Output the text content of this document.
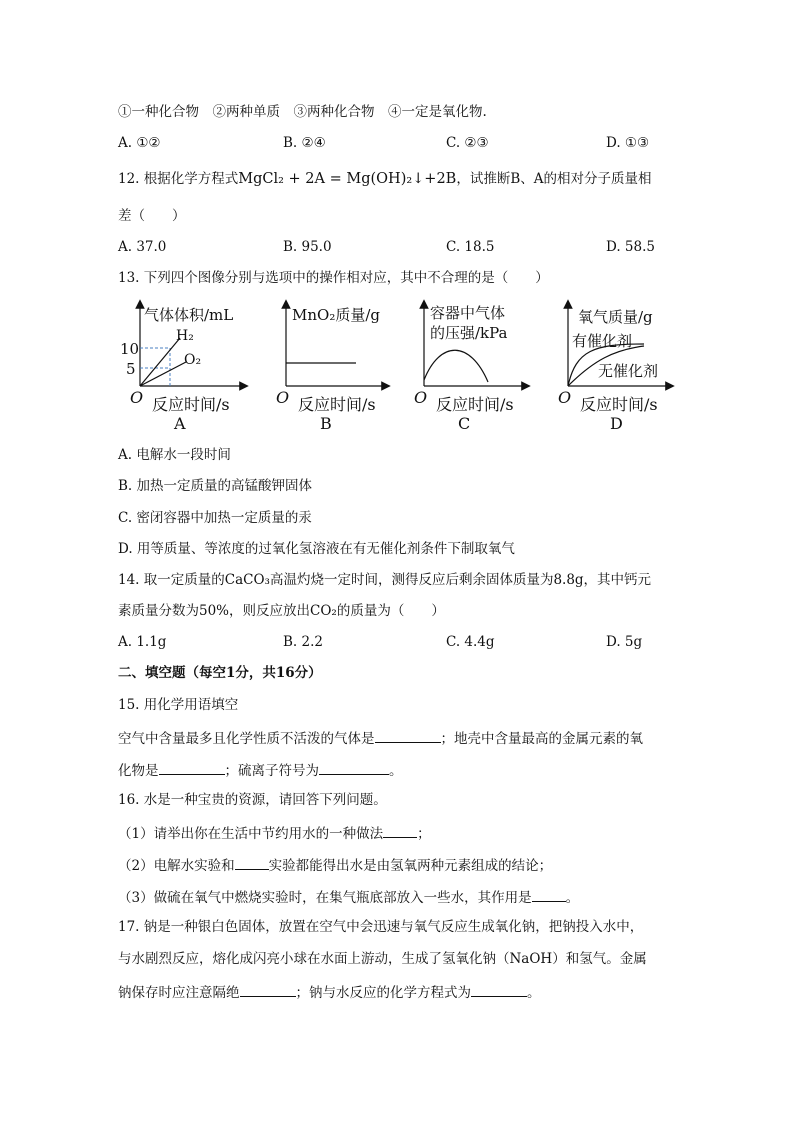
①一种化合物　②两种单质　③两种化合物　④一定是氧化物.
A. ①②	B. ②④	C. ②③	D. ①③
12. 根据化学方程式MgCl₂ + 2A = Mg(OH)₂↓+2B，试推断B、A的相对分子质量相
差（　　）
A. 37.0	B. 95.0	C. 18.5	D. 58.5
13. 下列四个图像分别与选项中的操作相对应，其中不合理的是（　　）
气体体积/mL
10
5
H₂
O₂
O 反应时间/s
A
MnO₂质量/g
O 反应时间/s
B
容器中气体
的压强/kPa
O 反应时间/s
C
氧气质量/g
有催化剂
无催化剂
O 反应时间/s
D
A. 电解水一段时间
B. 加热一定质量的高锰酸钾固体
C. 密闭容器中加热一定质量的汞
D. 用等质量、等浓度的过氧化氢溶液在有无催化剂条件下制取氧气
14. 取一定质量的CaCO₃高温灼烧一定时间，测得反应后剩余固体质量为8.8g，其中钙元
素质量分数为50%，则反应放出CO₂的质量为（　　）
A. 1.1g	B. 2.2	C. 4.4g	D. 5g
二、填空题（每空1分，共16分）
15. 用化学用语填空
空气中含量最多且化学性质不活泼的气体是	；地壳中含量最高的金属元素的氧
化物是	；硫离子符号为	。
16. 水是一种宝贵的资源，请回答下列问题。
（1）请举出你在生活中节约用水的一种做法	；
（2）电解水实验和	实验都能得出水是由氢氧两种元素组成的结论；
（3）做硫在氧气中燃烧实验时，在集气瓶底部放入一些水，其作用是	。
17. 钠是一种银白色固体，放置在空气中会迅速与氧气反应生成氧化钠，把钠投入水中，
与水剧烈反应，熔化成闪亮小球在水面上游动，生成了氢氧化钠（NaOH）和氢气。金属
钠保存时应注意隔绝	；钠与水反应的化学方程式为	。
